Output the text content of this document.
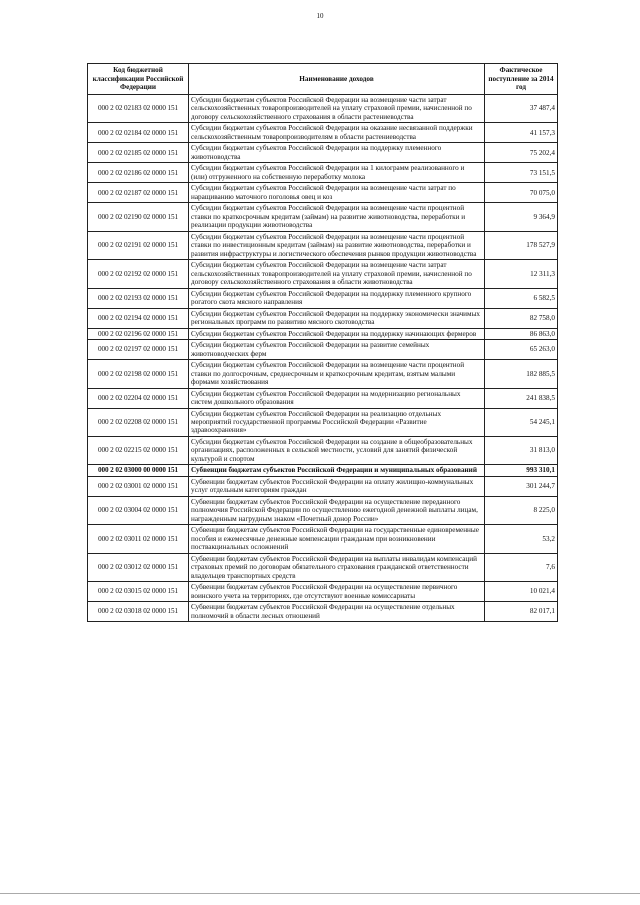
10
Код бюджетной классификации Российской Федерации	Наименование доходов	Фактическое поступление за 2014 год
000 2 02 02183 02 0000 151	Субсидии бюджетам субъектов Российской Федерации на возмещение части затрат сельскохозяйственных товаропроизводителей на уплату страховой премии, начисленной по договору сельскохозяйственного страхования в области растениеводства	37 487,4
000 2 02 02184 02 0000 151	Субсидии бюджетам субъектов Российской Федерации на оказание несвязанной поддержки сельскохозяйственным товаропроизводителям в области растениеводства	41 157,3
000 2 02 02185 02 0000 151	Субсидии бюджетам субъектов Российской Федерации на поддержку племенного животноводства	75 202,4
000 2 02 02186 02 0000 151	Субсидии бюджетам субъектов Российской Федерации на 1 килограмм реализованного и (или) отгруженного на собственную переработку молока	73 151,5
000 2 02 02187 02 0000 151	Субсидии бюджетам субъектов Российской Федерации на возмещение части затрат по наращиванию маточного поголовья овец и коз	70 075,0
000 2 02 02190 02 0000 151	Субсидии бюджетам субъектов Российской Федерации на возмещение части процентной ставки по краткосрочным кредитам (займам) на развитие животноводства, переработки и реализации продукции животноводства	9 364,9
000 2 02 02191 02 0000 151	Субсидии бюджетам субъектов Российской Федерации на возмещение части процентной ставки по инвестиционным кредитам (займам) на развитие животноводства, переработки и развития инфраструктуры и логистического обеспечения рынков продукции животноводства	178 527,9
000 2 02 02192 02 0000 151	Субсидии бюджетам субъектов Российской Федерации на возмещение части затрат сельскохозяйственных товаропроизводителей на уплату страховой премии, начисленной по договору сельскохозяйственного страхования в области животноводства	12 311,3
000 2 02 02193 02 0000 151	Субсидии бюджетам субъектов Российской Федерации на поддержку племенного крупного рогатого скота мясного направления	6 582,5
000 2 02 02194 02 0000 151	Субсидии бюджетам субъектов Российской Федерации на поддержку экономически значимых региональных программ по развитию мясного скотоводства	82 758,0
000 2 02 02196 02 0000 151	Субсидии бюджетам субъектов Российской Федерации на поддержку начинающих фермеров	86 863,0
000 2 02 02197 02 0000 151	Субсидии бюджетам субъектов Российской Федерации на развитие семейных животноводческих ферм	65 263,0
000 2 02 02198 02 0000 151	Субсидии бюджетам субъектов Российской Федерации на возмещение части процентной ставки по долгосрочным, среднесрочным и краткосрочным кредитам, взятым малыми формами хозяйствования	182 885,5
000 2 02 02204 02 0000 151	Субсидии бюджетам субъектов Российской Федерации на модернизацию региональных систем дошкольного образования	241 838,5
000 2 02 02208 02 0000 151	Субсидии бюджетам субъектов Российской Федерации на реализацию отдельных мероприятий государственной программы Российской Федерации «Развитие здравоохранения»	54 245,1
000 2 02 02215 02 0000 151	Субсидии бюджетам субъектов Российской Федерации на создание в общеобразовательных организациях, расположенных в сельской местности, условий для занятий физической культурой и спортом	31 813,0
000 2 02 03000 00 0000 151	Субвенции бюджетам субъектов Российской Федерации и муниципальных образований	993 310,1
000 2 02 03001 02 0000 151	Субвенции бюджетам субъектов Российской Федерации на оплату жилищно-коммунальных услуг отдельным категориям граждан	301 244,7
000 2 02 03004 02 0000 151	Субвенции бюджетам субъектов Российской Федерации на осуществление переданного полномочия Российской Федерации по осуществлению ежегодной денежной выплаты лицам, награжденным нагрудным знаком «Почетный донор России»	8 225,0
000 2 02 03011 02 0000 151	Субвенции бюджетам субъектов Российской Федерации на государственные единовременные пособия и ежемесячные денежные компенсации гражданам при возникновении поствакцинальных осложнений	53,2
000 2 02 03012 02 0000 151	Субвенции бюджетам субъектов Российской Федерации на выплаты инвалидам компенсаций страховых премий по договорам обязательного страхования гражданской ответственности владельцев транспортных средств	7,6
000 2 02 03015 02 0000 151	Субвенции бюджетам субъектов Российской Федерации на осуществление первичного воинского учета на территориях, где отсутствуют военные комиссариаты	10 021,4
000 2 02 03018 02 0000 151	Субвенции бюджетам субъектов Российской Федерации на осуществление отдельных полномочий в области лесных отношений	82 017,1
